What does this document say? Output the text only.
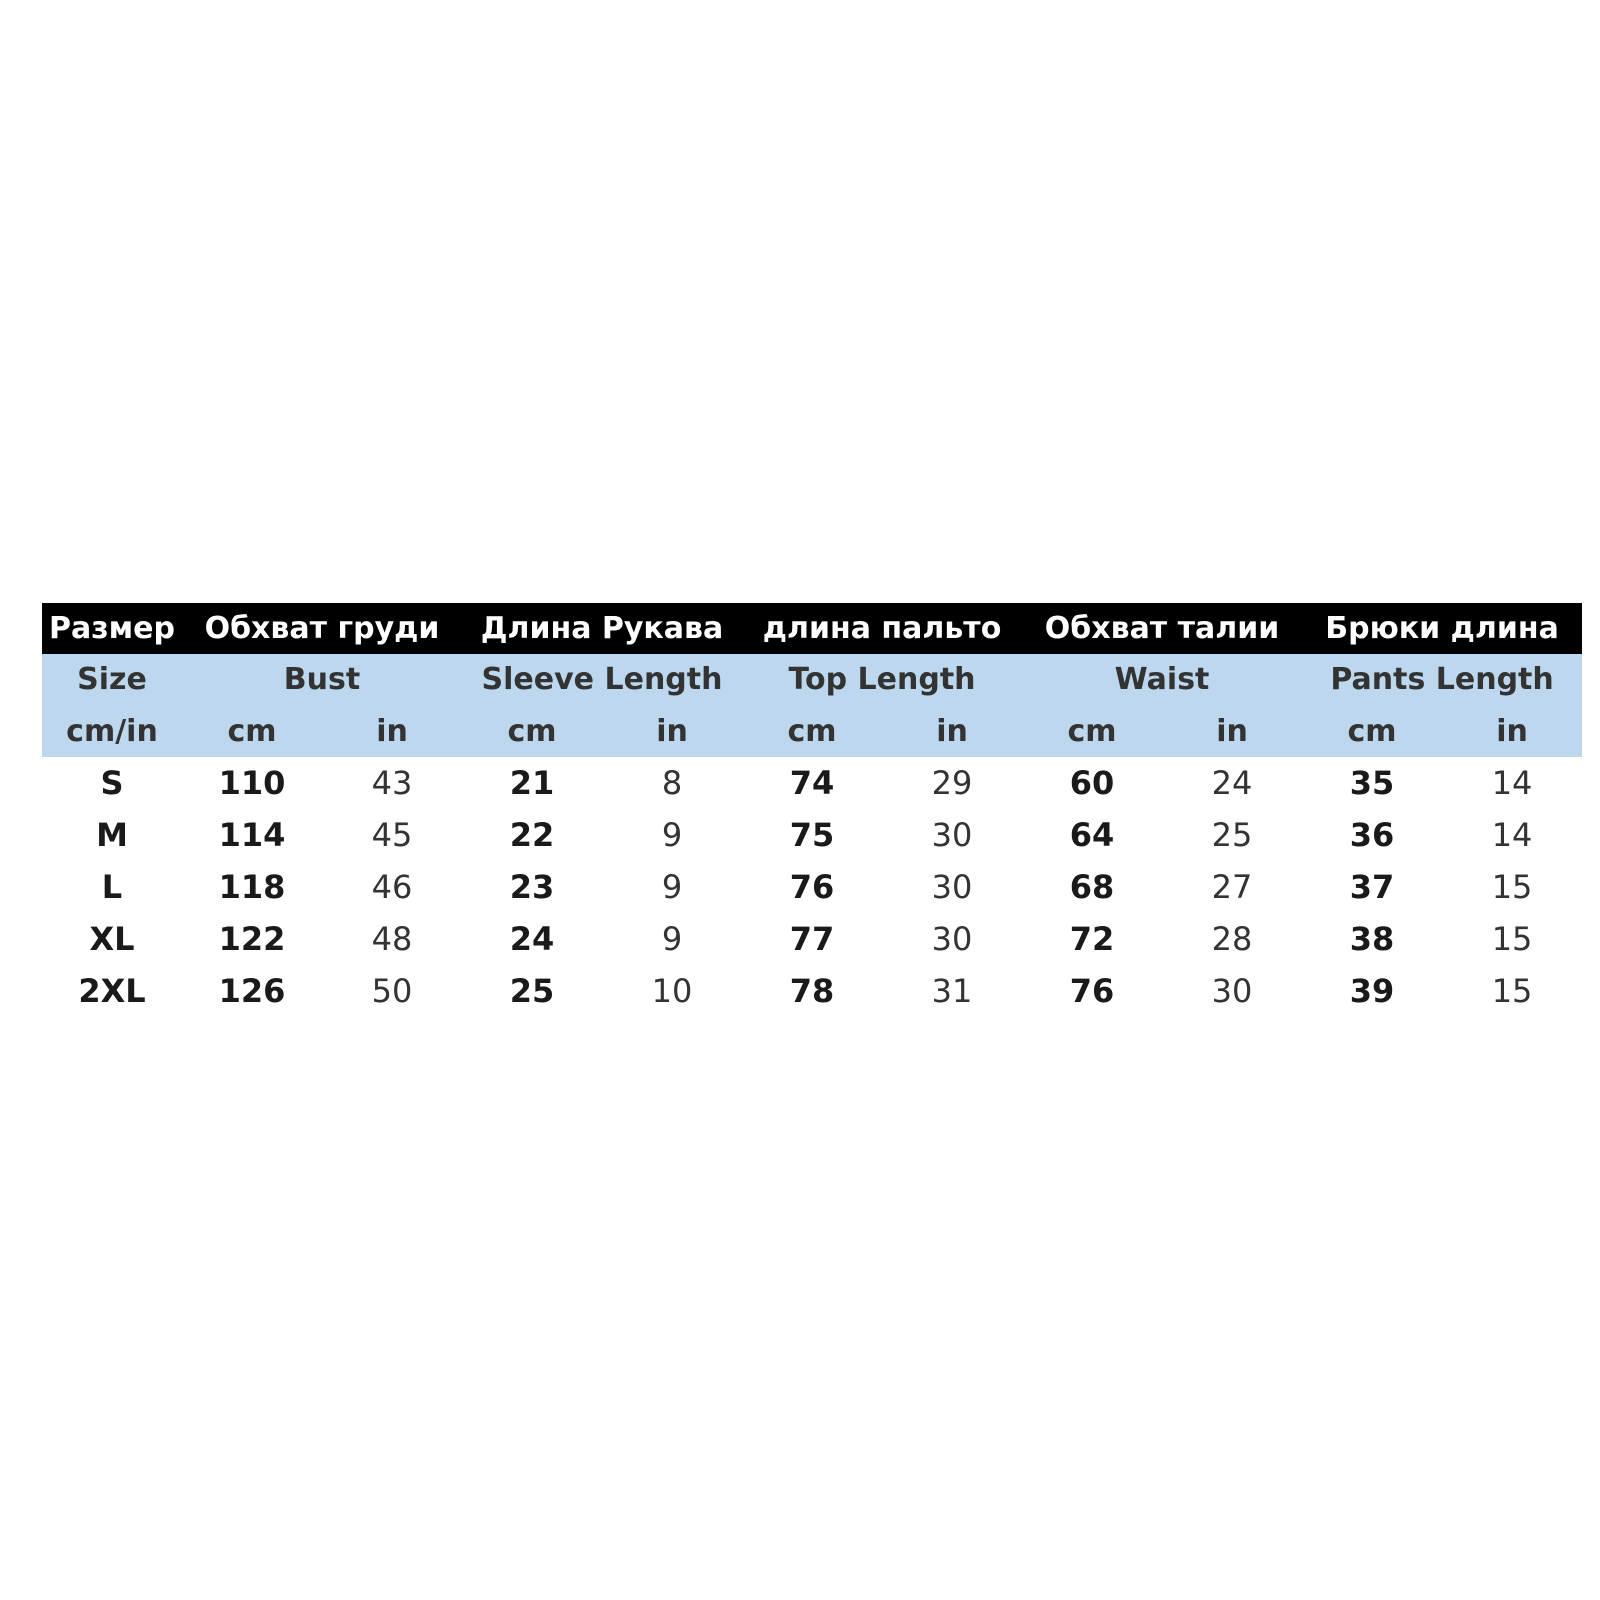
Размер	Обхват груди		Длина Рукава		длина пальто		Обхват талии		Брюки длина	
Size	Bust		Sleeve Length		Top Length		Waist		Pants Length	
cm/in	cm	in	cm	in	cm	in	cm	in	cm	in
S	110	43	21	8	74	29	60	24	35	14
M	114	45	22	9	75	30	64	25	36	14
L	118	46	23	9	76	30	68	27	37	15
XL	122	48	24	9	77	30	72	28	38	15
2XL	126	50	25	10	78	31	76	30	39	15
